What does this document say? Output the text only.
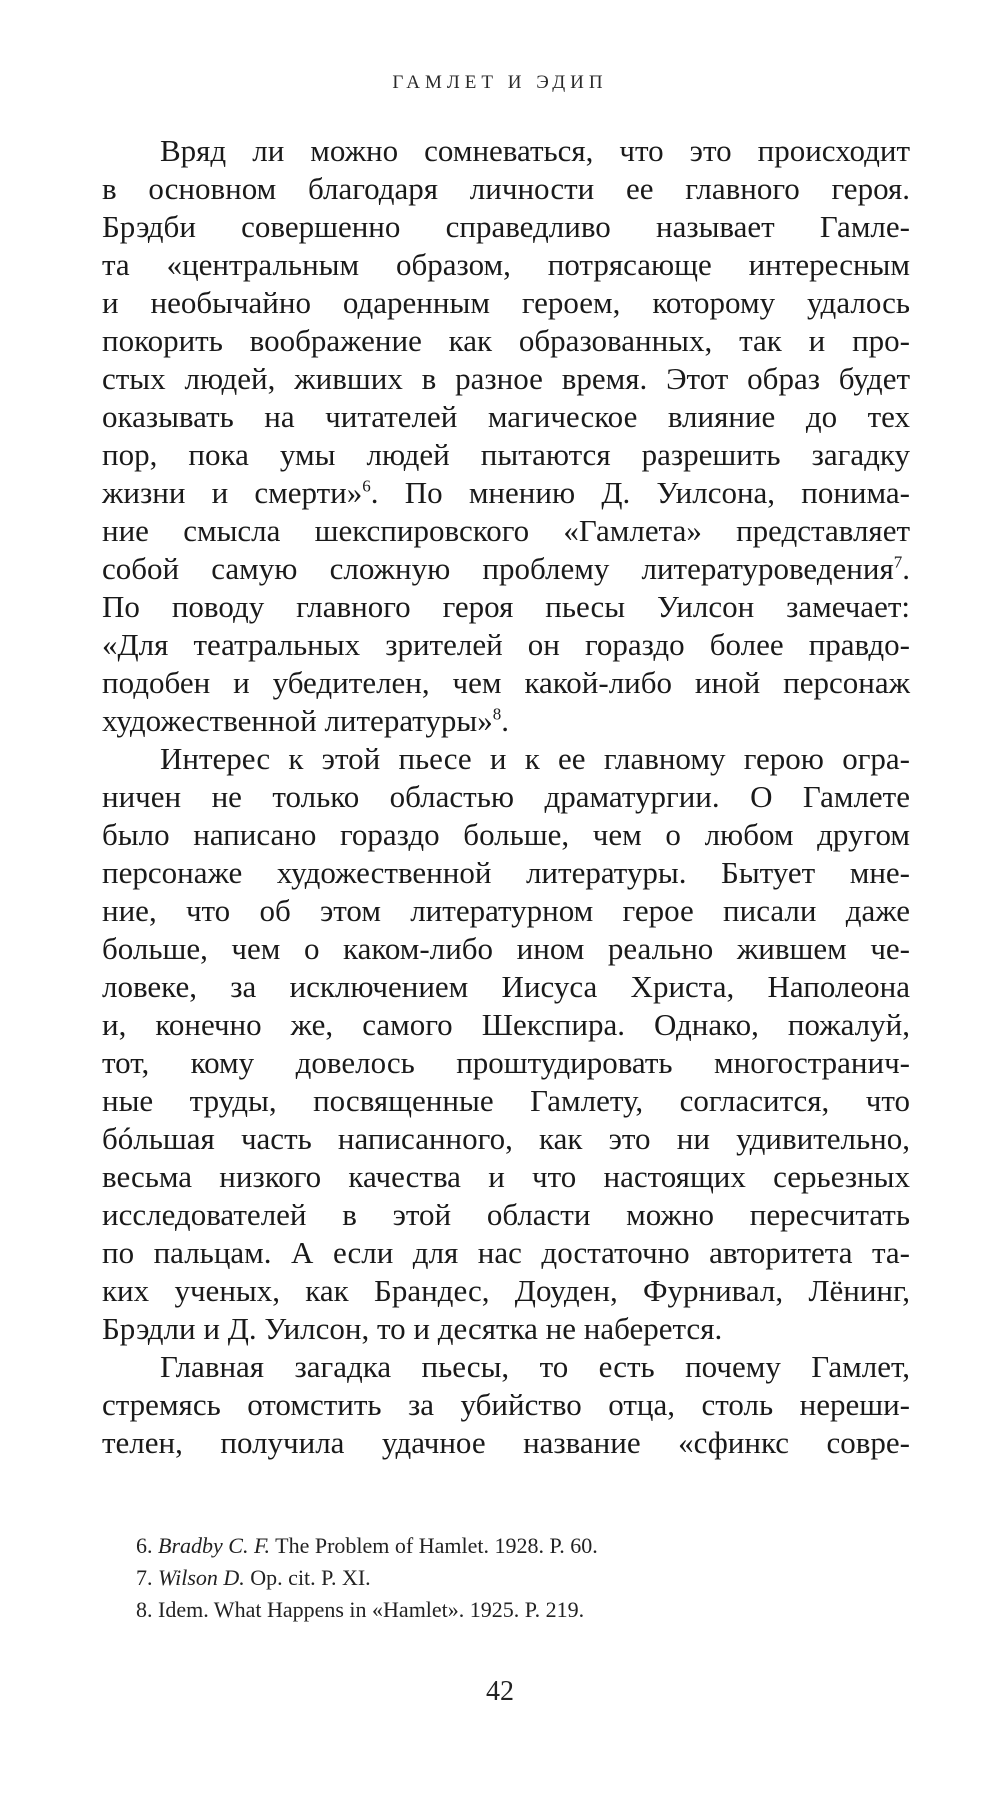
ГАМЛЕТ И ЭДИП
Вряд ли можно сомневаться, что это происходит
в основном благодаря личности ее главного героя.
Брэдби совершенно справедливо называет Гамле-
та «центральным образом, потрясающе интересным
и необычайно одаренным героем, которому удалось
покорить воображение как образованных, так и про-
стых людей, живших в разное время. Этот образ будет
оказывать на читателей магическое влияние до тех
пор, пока умы людей пытаются разрешить загадку
жизни и смерти»$^6$. По мнению Д. Уилсона, понима-
ние смысла шекспировского «Гамлета» представляет
собой самую сложную проблему литературоведения$^7$.
По поводу главного героя пьесы Уилсон замечает:
«Для театральных зрителей он гораздо более правдо-
подобен и убедителен, чем какой-либо иной персонаж
художественной литературы»$^8$.
Интерес к этой пьесе и к ее главному герою огра-
ничен не только областью драматургии. О Гамлете
было написано гораздо больше, чем о любом другом
персонаже художественной литературы. Бытует мне-
ние, что об этом литературном герое писали даже
больше, чем о каком-либо ином реально жившем че-
ловеке, за исключением Иисуса Христа, Наполеона
и, конечно же, самого Шекспира. Однако, пожалуй,
тот, кому довелось проштудировать многостранич-
ные труды, посвященные Гамлету, согласится, что
бóльшая часть написанного, как это ни удивительно,
весьма низкого качества и что настоящих серьезных
исследователей в этой области можно пересчитать
по пальцам. А если для нас достаточно авторитета та-
ких ученых, как Брандес, Доуден, Фурнивал, Лёнинг,
Брэдли и Д. Уилсон, то и десятка не наберется.
Главная загадка пьесы, то есть почему Гамлет,
стремясь отомстить за убийство отца, столь нереши-
телен, получила удачное название «сфинкс совре-
6. Bradby C. F. The Problem of Hamlet. 1928. P. 60.
7. Wilson D. Op. cit. P. XI.
8. Idem. What Happens in «Hamlet». 1925. P. 219.
42
